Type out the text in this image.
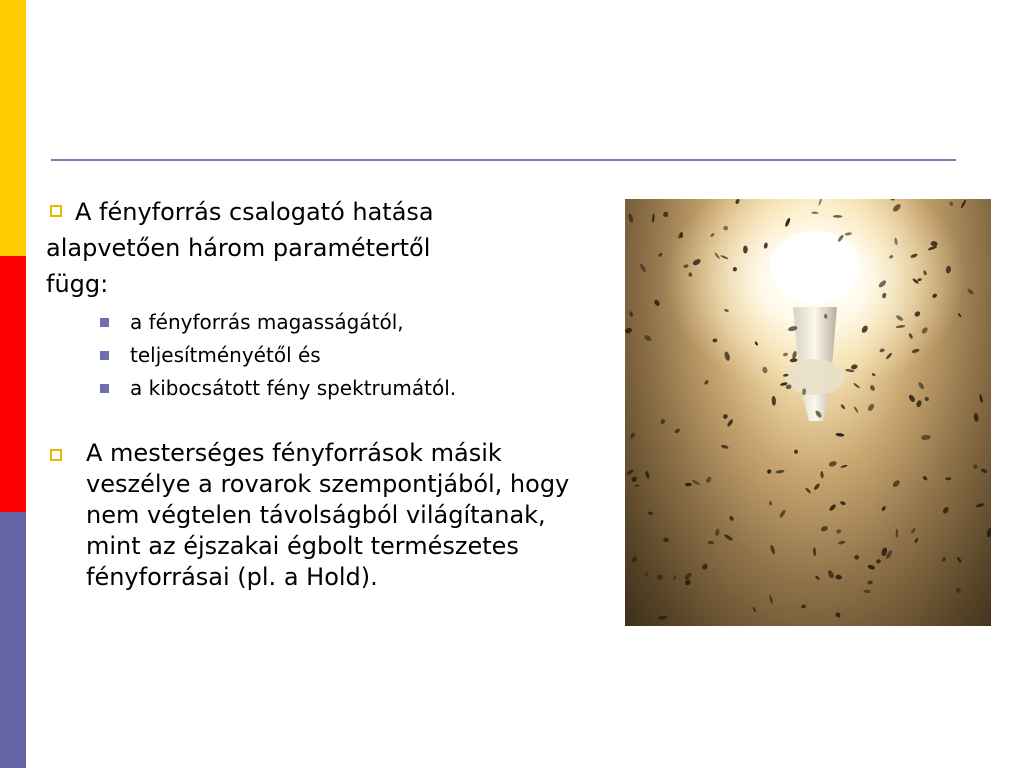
A fényforrás csalogató hatása
alapvetően három paramétertől
függ:

a fényforrás magasságától,
teljesítményétől és
a kibocsátott fény spektrumától.
A mesterséges fényforrások másik veszélye a rovarok szempontjából, hogy nem végtelen távolságból világítanak, mint az éjszakai égbolt természetes fényforrásai (pl. a Hold).
